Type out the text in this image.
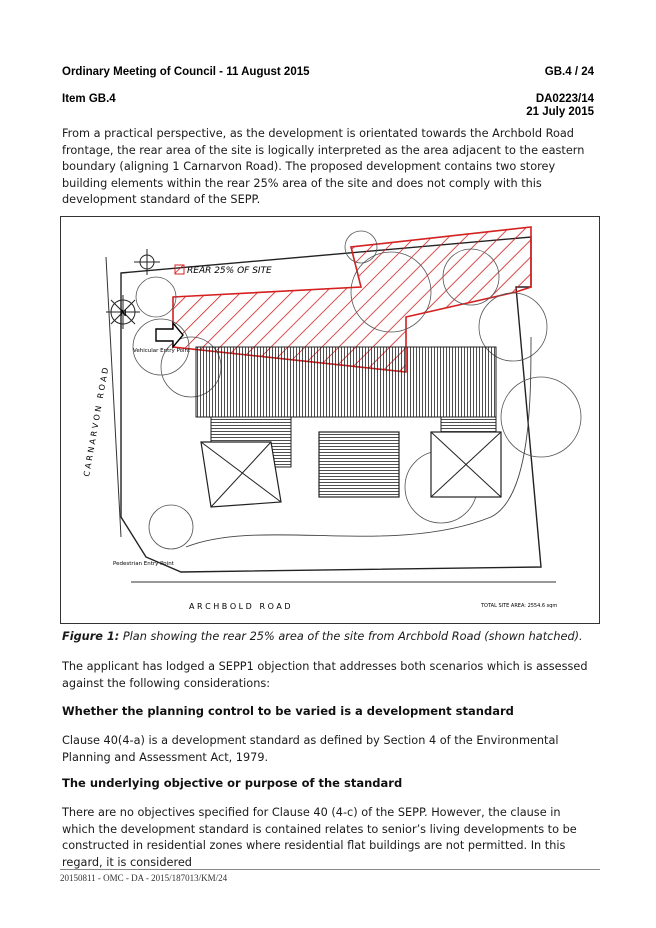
Ordinary Meeting of Council - 11 August 2015	GB.4 / 24
Item GB.4	DA0223/14
21 July 2015
From a practical perspective, as the development is orientated towards the Archbold Road frontage, the rear area of the site is logically interpreted as the area adjacent to the eastern boundary (aligning 1 Carnarvon Road). The proposed development contains two storey building elements within the rear 25% area of the site and does not comply with this development standard of the SEPP.
N
REAR 25% OF SITE
Vehicular Entry Point
Pedestrian Entry Point
A R C H B O L D   R O A D
C A R N A R V O N   R O A D
TOTAL SITE AREA: 2554.6 sqm
Figure 1: Plan showing the rear 25% area of the site from Archbold Road (shown hatched).
The applicant has lodged a SEPP1 objection that addresses both scenarios which is assessed against the following considerations:
Whether the planning control to be varied is a development standard
Clause 40(4-a) is a development standard as defined by Section 4 of the Environmental Planning and Assessment Act, 1979.
The underlying objective or purpose of the standard
There are no objectives specified for Clause 40 (4-c) of the SEPP. However, the clause in which the development standard is contained relates to senior’s living developments to be constructed in residential zones where residential flat buildings are not permitted. In this regard, it is considered
20150811 - OMC - DA - 2015/187013/KM/24
